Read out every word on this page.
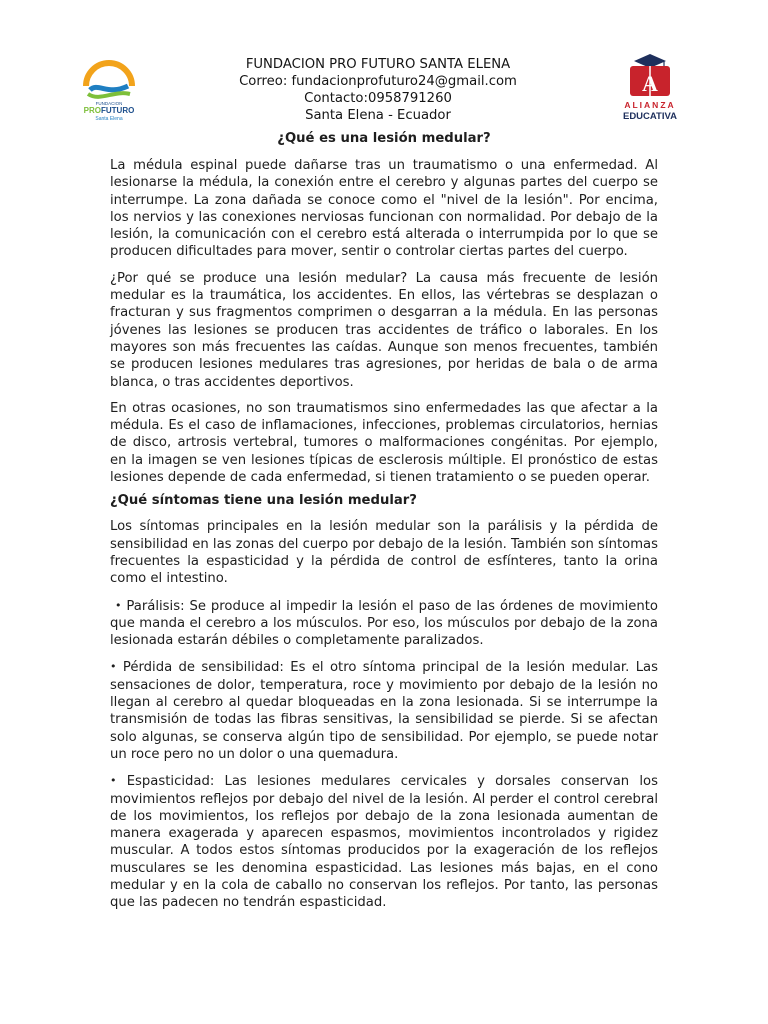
FUNDACION
PROFUTURO
Santa Elena
FUNDACION PRO FUTURO SANTA ELENA
Correo: fundacionprofuturo24@gmail.com
Contacto:0958791260
Santa Elena - Ecuador
A
ALIANZA
EDUCATIVA
¿Qué es una lesión medular?
La médula espinal puede dañarse tras un traumatismo o una enfermedad. Al lesionarse la médula, la conexión entre el cerebro y algunas partes del cuerpo se interrumpe. La zona dañada se conoce como el "nivel de la lesión". Por encima, los nervios y las conexiones nerviosas funcionan con normalidad. Por debajo de la lesión, la comunicación con el cerebro está alterada o interrumpida por lo que se producen dificultades para mover, sentir o controlar ciertas partes del cuerpo.
¿Por qué se produce una lesión medular? La causa más frecuente de lesión medular es la traumática, los accidentes. En ellos, las vértebras se desplazan o fracturan y sus fragmentos comprimen o desgarran a la médula. En las personas jóvenes las lesiones se producen tras accidentes de tráfico o laborales. En los mayores son más frecuentes las caídas. Aunque son menos frecuentes, también se producen lesiones medulares tras agresiones, por heridas de bala o de arma blanca, o tras accidentes deportivos.
En otras ocasiones, no son traumatismos sino enfermedades las que afectar a la médula. Es el caso de inflamaciones, infecciones, problemas circulatorios, hernias de disco, artrosis vertebral, tumores o malformaciones congénitas. Por ejemplo, en la imagen se ven lesiones típicas de esclerosis múltiple. El pronóstico de estas lesiones depende de cada enfermedad, si tienen tratamiento o se pueden operar.
¿Qué síntomas tiene una lesión medular?
Los síntomas principales en la lesión medular son la parálisis y la pérdida de sensibilidad en las zonas del cuerpo por debajo de la lesión. También son síntomas frecuentes la espasticidad y la pérdida de control de esfínteres, tanto la orina como el intestino.
• Parálisis: Se produce al impedir la lesión el paso de las órdenes de movimiento que manda el cerebro a los músculos. Por eso, los músculos por debajo de la zona lesionada estarán débiles o completamente paralizados.
• Pérdida de sensibilidad: Es el otro síntoma principal de la lesión medular. Las sensaciones de dolor, temperatura, roce y movimiento por debajo de la lesión no llegan al cerebro al quedar bloqueadas en la zona lesionada. Si se interrumpe la transmisión de todas las fibras sensitivas, la sensibilidad se pierde. Si se afectan solo algunas, se conserva algún tipo de sensibilidad. Por ejemplo, se puede notar un roce pero no un dolor o una quemadura.
• Espasticidad: Las lesiones medulares cervicales y dorsales conservan los movimientos reflejos por debajo del nivel de la lesión. Al perder el control cerebral de los movimientos, los reflejos por debajo de la zona lesionada aumentan de manera exagerada y aparecen espasmos, movimientos incontrolados y rigidez muscular. A todos estos síntomas producidos por la exageración de los reflejos musculares se les denomina espasticidad. Las lesiones más bajas, en el cono medular y en la cola de caballo no conservan los reflejos. Por tanto, las personas que las padecen no tendrán espasticidad.
